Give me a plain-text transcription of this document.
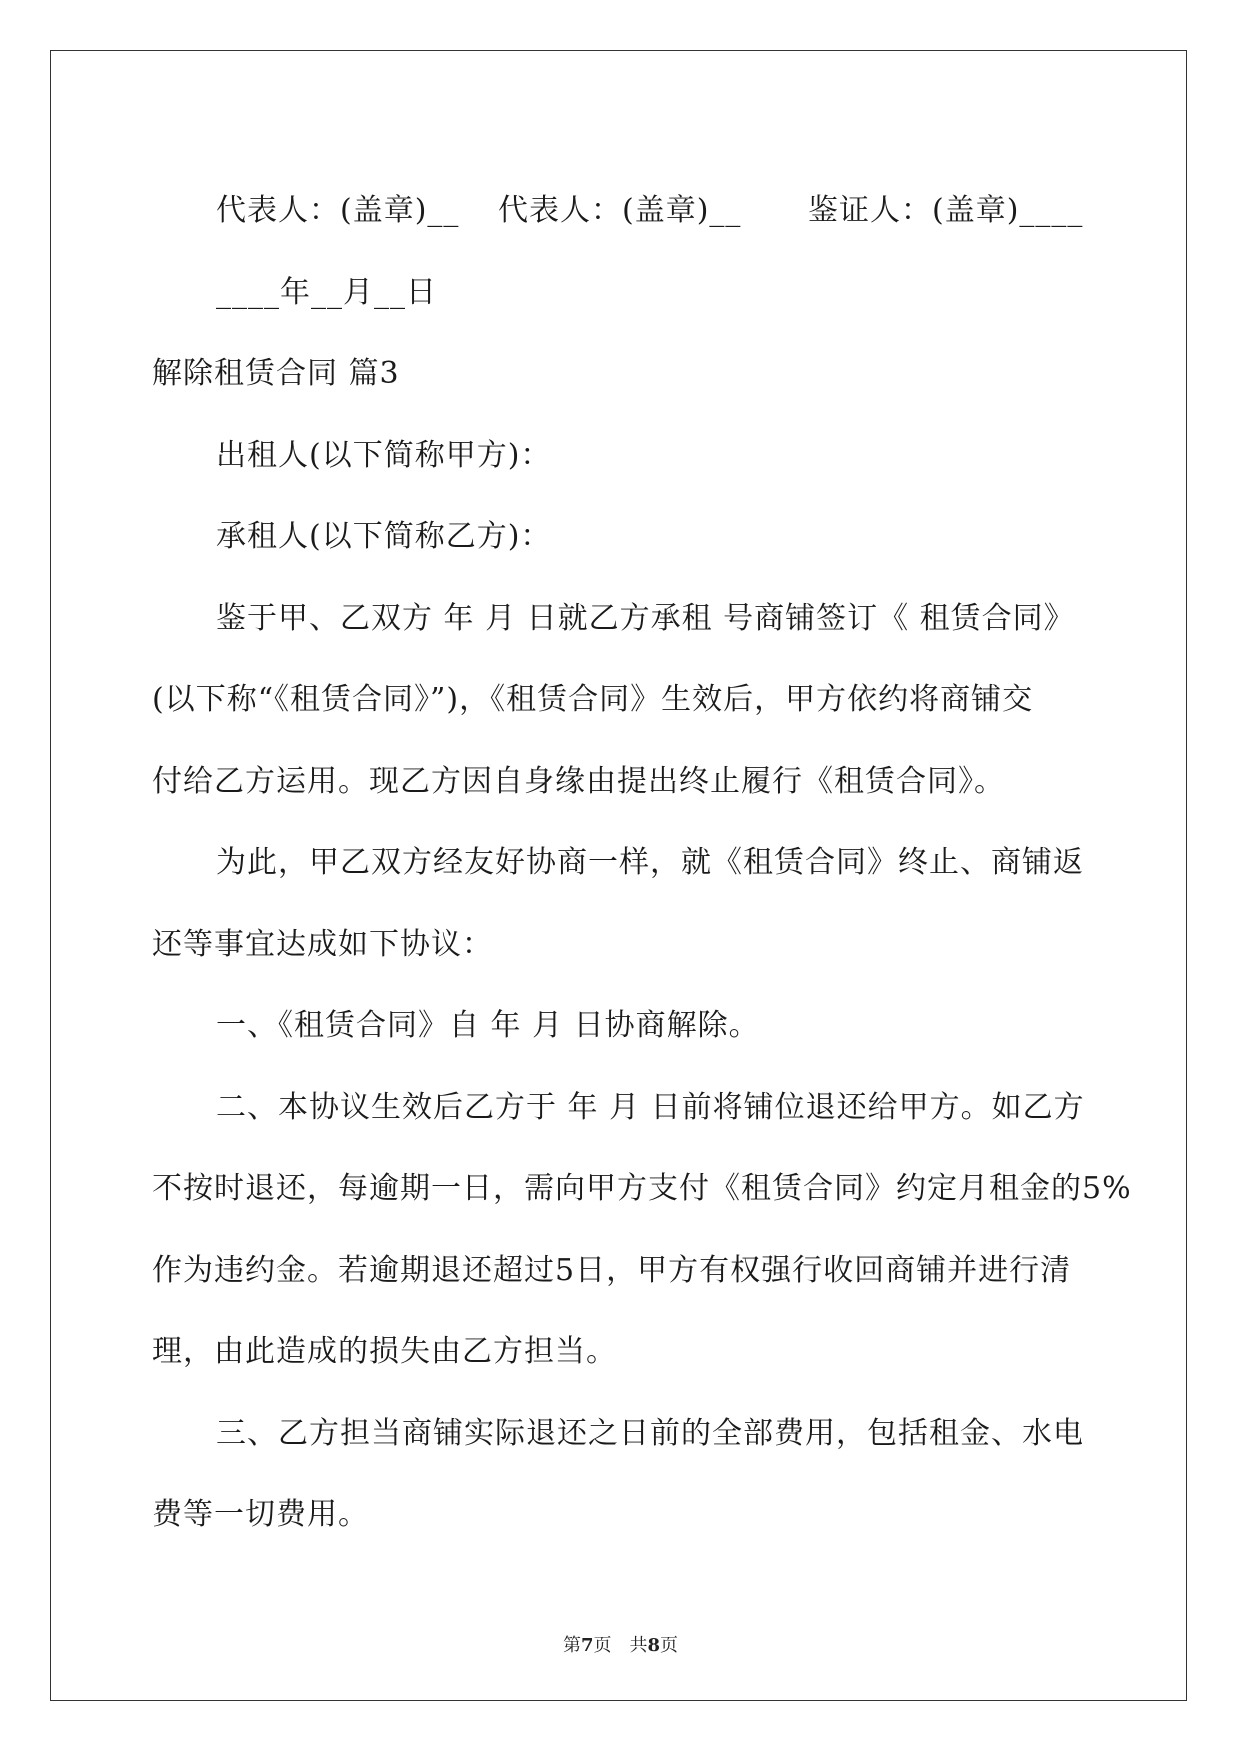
代表人：(盖章)__ 代表人：(盖章)__ 鉴证人：(盖章)____
____年__月__日
解除租赁合同 篇3
出租人(以下简称甲方)：
承租人(以下简称乙方)：
鉴于甲、乙双方 年 月 日就乙方承租 号商铺签订《 租赁合同》
(以下称“《租赁合同》”)，《租赁合同》生效后，甲方依约将商铺交
付给乙方运用。现乙方因自身缘由提出终止履行《租赁合同》。
为此，甲乙双方经友好协商一样，就《租赁合同》终止、商铺返
还等事宜达成如下协议：
一、《租赁合同》自 年 月 日协商解除。
二、本协议生效后乙方于 年 月 日前将铺位退还给甲方。如乙方
不按时退还，每逾期一日，需向甲方支付《租赁合同》约定月租金的5%
作为违约金。若逾期退还超过5日，甲方有权强行收回商铺并进行清
理，由此造成的损失由乙方担当。
三、乙方担当商铺实际退还之日前的全部费用，包括租金、水电
费等一切费用。
第7页　共8页
